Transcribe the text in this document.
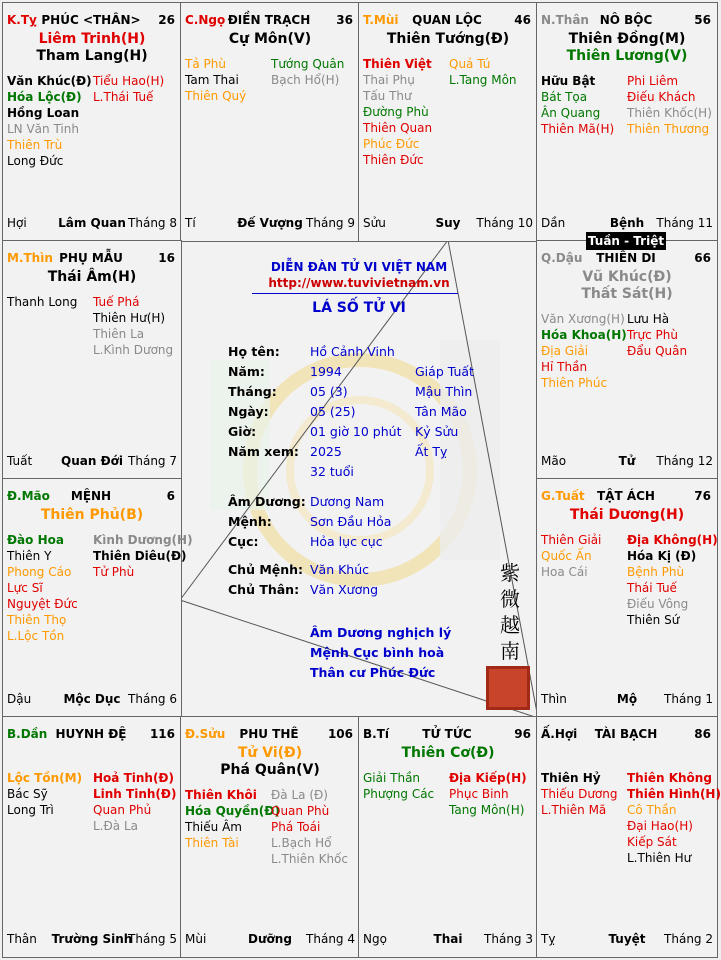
DIỄN ĐÀN TỬ VI VIỆT NAM
http://www.tuvivietnam.vn
LÁ SỐ TỬ VI
Họ tên: Hồ Cảnh Vinh
Năm:	1994	Giáp Tuất
Tháng:	05 (3)	Mậu Thìn
Ngày:	05 (25)	Tân Mão
Giờ:	01 giờ 10 phút Kỷ Sửu
Năm xem: 2025	Ất Tỵ
32 tuổi
Âm Dương: Dương Nam
Mệnh:	Sơn Đầu Hỏa
Cục:	Hỏa lục cục
Chủ Mệnh: Văn Khúc
Chủ Thân: Văn Xương
Âm Dương nghịch lý
Mệnh Cục bình hoà
Thân cư Phúc Đức
紫
微
越
南
Tuần - Triệt
K.Tỵ PHÚC <THÂN>	26
Liêm Trinh(H)
Tham Lang(H)
Văn Khúc(Đ)
Hóa Lộc(Đ)
Hồng Loan
LN Văn Tinh
Thiên Trù
Long Đức
Tiểu Hao(H)
L.Thái Tuế
Hợi	Lâm Quan Tháng 8
C.Ngọ ĐIỀN TRẠCH	36
Cự Môn(V)
Tả Phù
Tam Thai
Thiên Quý
Tướng Quân
Bạch Hổ(H)
Tí	Đế Vượng Tháng 9
T.Mùi	QUAN LỘC	46
Thiên Tướng(Đ)
Thiên Việt
Thai Phụ
Tấu Thư
Đường Phù
Thiên Quan
Phúc Đức
Thiên Đức
Quả Tú
L.Tang Môn
Sửu	Suy	Tháng 10
N.Thân NÔ BỘC	56
Thiên Đồng(M)
Thiên Lương(V)
Hữu Bật
Bát Tọa
Ân Quang
Thiên Mã(H)
Phi Liêm
Điếu Khách
Thiên Khốc(H)
Thiên Thương
Dần	Bệnh	Tháng 11
M.Thìn PHỤ MẪU	16
Thái Âm(H)
Thanh Long Tuế Phá
Thiên Hư(H)
Thiên La
L.Kình Dương
Tuất	Quan Đới Tháng 7
Q.Dậu	THIÊN DI	66
Vũ Khúc(Đ)
Thất Sát(H)
Văn Xương(H)
Hóa Khoa(H)
Địa Giải
Hỉ Thần
Thiên Phúc
Lưu Hà
Trực Phù
Đẩu Quân
Mão	Tử	Tháng 12
Đ.Mão	MỆNH	6
Thiên Phủ(B)
Đào Hoa
Thiên Y
Phong Cáo
Lực Sĩ
Nguyệt Đức
Thiên Thọ
L.Lộc Tồn
Kình Dương(H)
Thiên Diêu(Đ)
Tử Phù
Dậu	Mộc Dục Tháng 6
G.Tuất	TẬT ÁCH	76
Thái Dương(H)
Thiên Giải
Quốc Ấn
Hoa Cái
Địa Không(H)
Hóa Kị (Đ)
Bệnh Phù
Thái Tuế
Điếu Vông
Thiên Sứ
Thìn	Mộ	Tháng 1
B.Dần HUYNH ĐỆ	116
Lộc Tồn(M)
Bác Sỹ
Long Trì
Hoả Tinh(Đ)
Linh Tinh(Đ)
Quan Phủ
L.Đà La
Thân	Trường Sinh
Tháng 5
Đ.Sửu	PHU THÊ	106
Tử Vi(Đ)
Phá Quân(V)
Thiên Khôi
Hóa Quyền(Đ)
Thiếu Âm
Thiên Tài
Đà La (Đ)
Quan Phù
Phá Toái
L.Bạch Hổ
L.Thiên Khốc
Mùi	Dưỡng	Tháng 4
B.Tí	TỬ TỨC	96
Thiên Cơ(Đ)
Giải Thần
Phượng Các
Địa Kiếp(H)
Phục Binh
Tang Môn(H)
Ngọ	Thai	Tháng 3
Ấ.Hợi	TÀI BẠCH	86
Thiên Hỷ
Thiếu Dương
L.Thiên Mã
Thiên Không
Thiên Hình(H)
Cô Thần
Đại Hao(H)
Kiếp Sát
L.Thiên Hư
Tỵ	Tuyệt	Tháng 2
